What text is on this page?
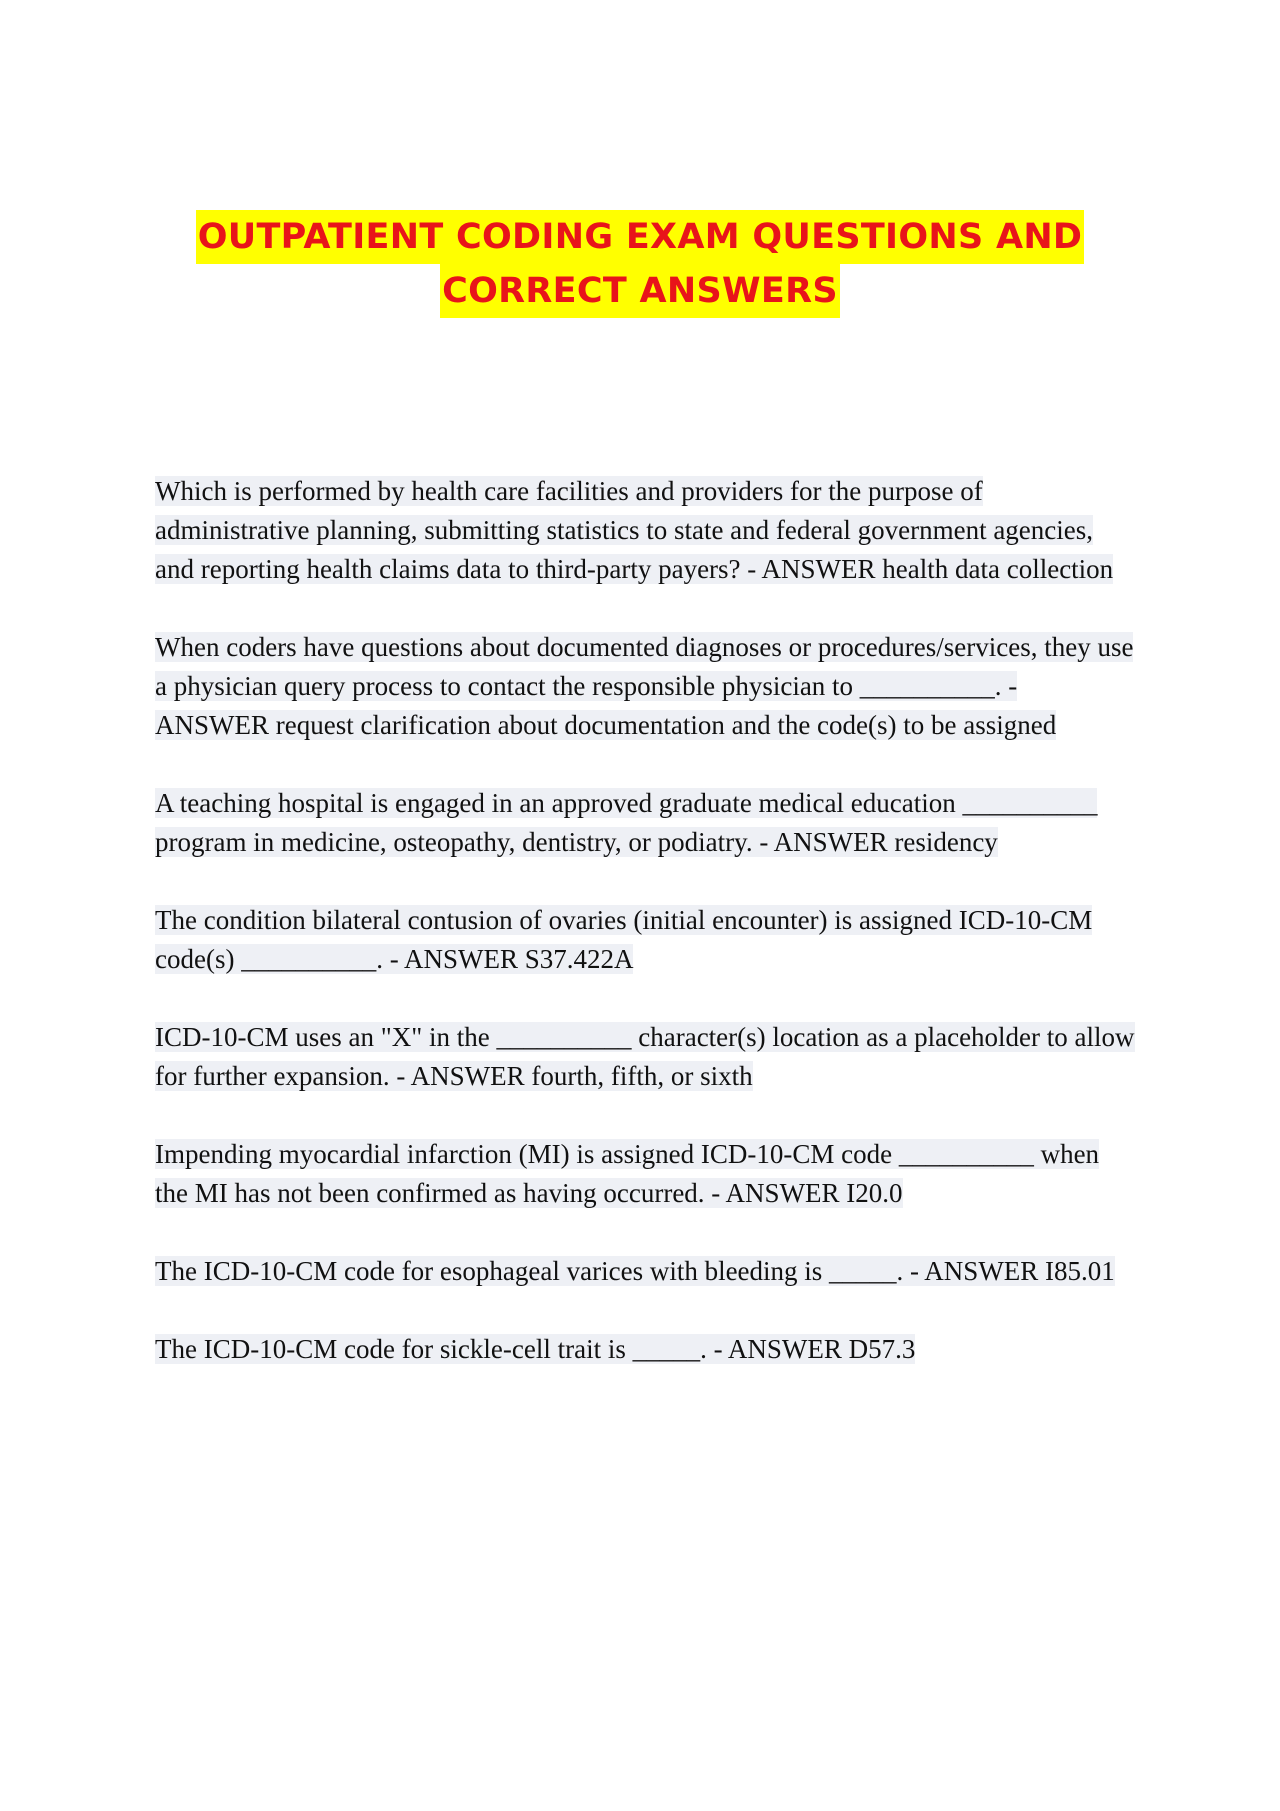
OUTPATIENT CODING EXAM QUESTIONS AND
CORRECT ANSWERS

Which is performed by health care facilities and providers for the purpose of administrative planning, submitting statistics to state and federal government agencies, and reporting health claims data to third-party payers? - ANSWER health data collection

When coders have questions about documented diagnoses or procedures/services, they use a physician query process to contact the responsible physician to __________. - ANSWER request clarification about documentation and the code(s) to be assigned

A teaching hospital is engaged in an approved graduate medical education __________ program in medicine, osteopathy, dentistry, or podiatry. - ANSWER residency

The condition bilateral contusion of ovaries (initial encounter) is assigned ICD-10-CM code(s) __________. - ANSWER S37.422A

ICD-10-CM uses an "X" in the __________ character(s) location as a placeholder to allow for further expansion. - ANSWER fourth, fifth, or sixth

Impending myocardial infarction (MI) is assigned ICD-10-CM code __________ when the MI has not been confirmed as having occurred. - ANSWER I20.0

The ICD-10-CM code for esophageal varices with bleeding is _____. - ANSWER I85.01

The ICD-10-CM code for sickle-cell trait is _____. - ANSWER D57.3
